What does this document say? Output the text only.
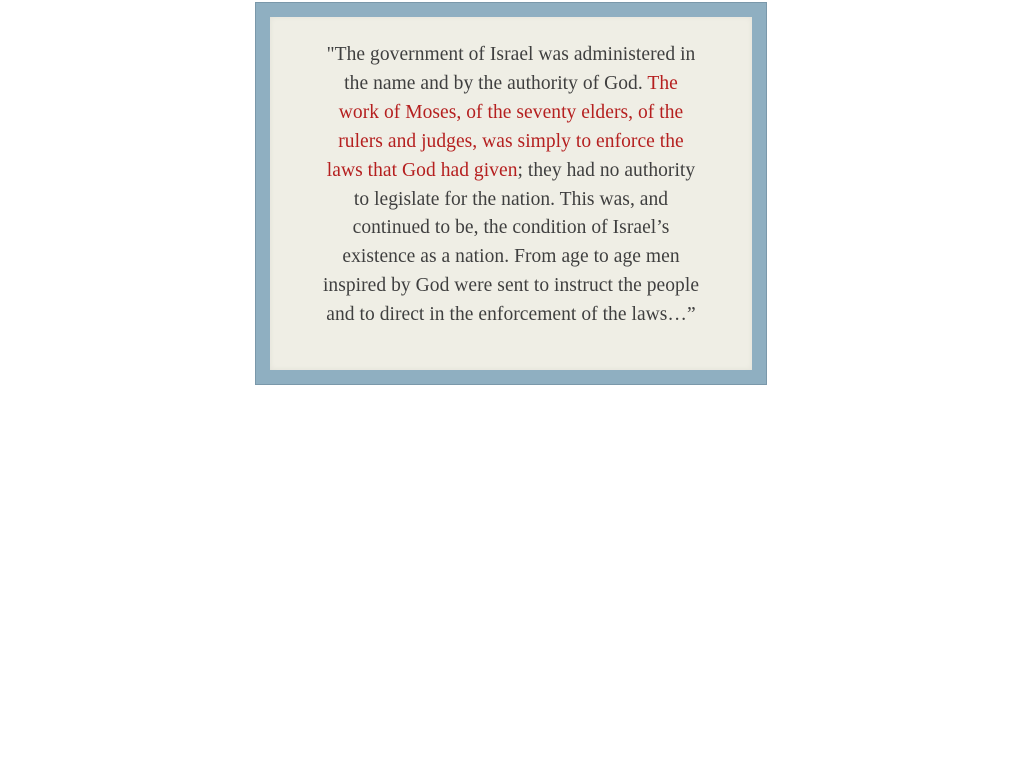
"The government of Israel was administered in
the name and by the authority of God. The
work of Moses, of the seventy elders, of the
rulers and judges, was simply to enforce the
laws that God had given; they had no authority
to legislate for the nation. This was, and
continued to be, the condition of Israel’s
existence as a nation. From age to age men
inspired by God were sent to instruct the people
and to direct in the enforcement of the laws…”
